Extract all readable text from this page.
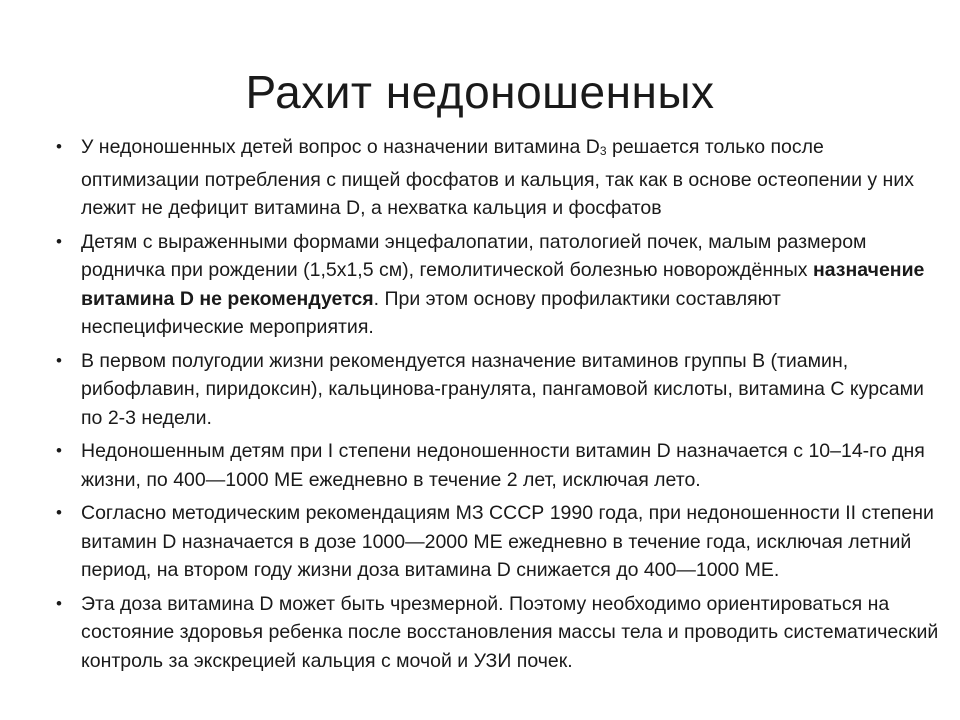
Рахит недоношенных
• У недоношенных детей вопрос о назначении витамина D3 решается только после оптимизации потребления с пищей фосфатов и кальция, так как в основе остеопении у них лежит не дефицит витамина D, а нехватка кальция и фосфатов
• Детям с выраженными формами энцефалопатии, патологией почек, малым размером родничка при рождении (1,5х1,5 см), гемолитической болезнью новорождённых назначение витамина D не рекомендуется. При этом основу профилактики составляют неспецифические мероприятия.
• В первом полугодии жизни рекомендуется назначение витаминов группы В (тиамин, рибофлавин, пиридоксин), кальцинова-гранулята, пангамовой кислоты, витамина С курсами по 2-3 недели.
• Недоношенным детям при I степени недоношенности витамин D назначается с 10–14-го дня жизни, по 400—1000 МЕ ежедневно в течение 2 лет, исключая лето.
• Согласно методическим рекомендациям МЗ СССР 1990 года, при недоношенности II степени витамин D назначается в дозе 1000—2000 МЕ ежедневно в течение года, исключая летний период, на втором году жизни доза витамина D снижается до 400—1000 МЕ.
• Эта доза витамина D может быть чрезмерной. Поэтому необходимо ориентироваться на состояние здоровья ребенка после восстановления массы тела и проводить систематический контроль за экскрецией кальция с мочой и УЗИ почек.
